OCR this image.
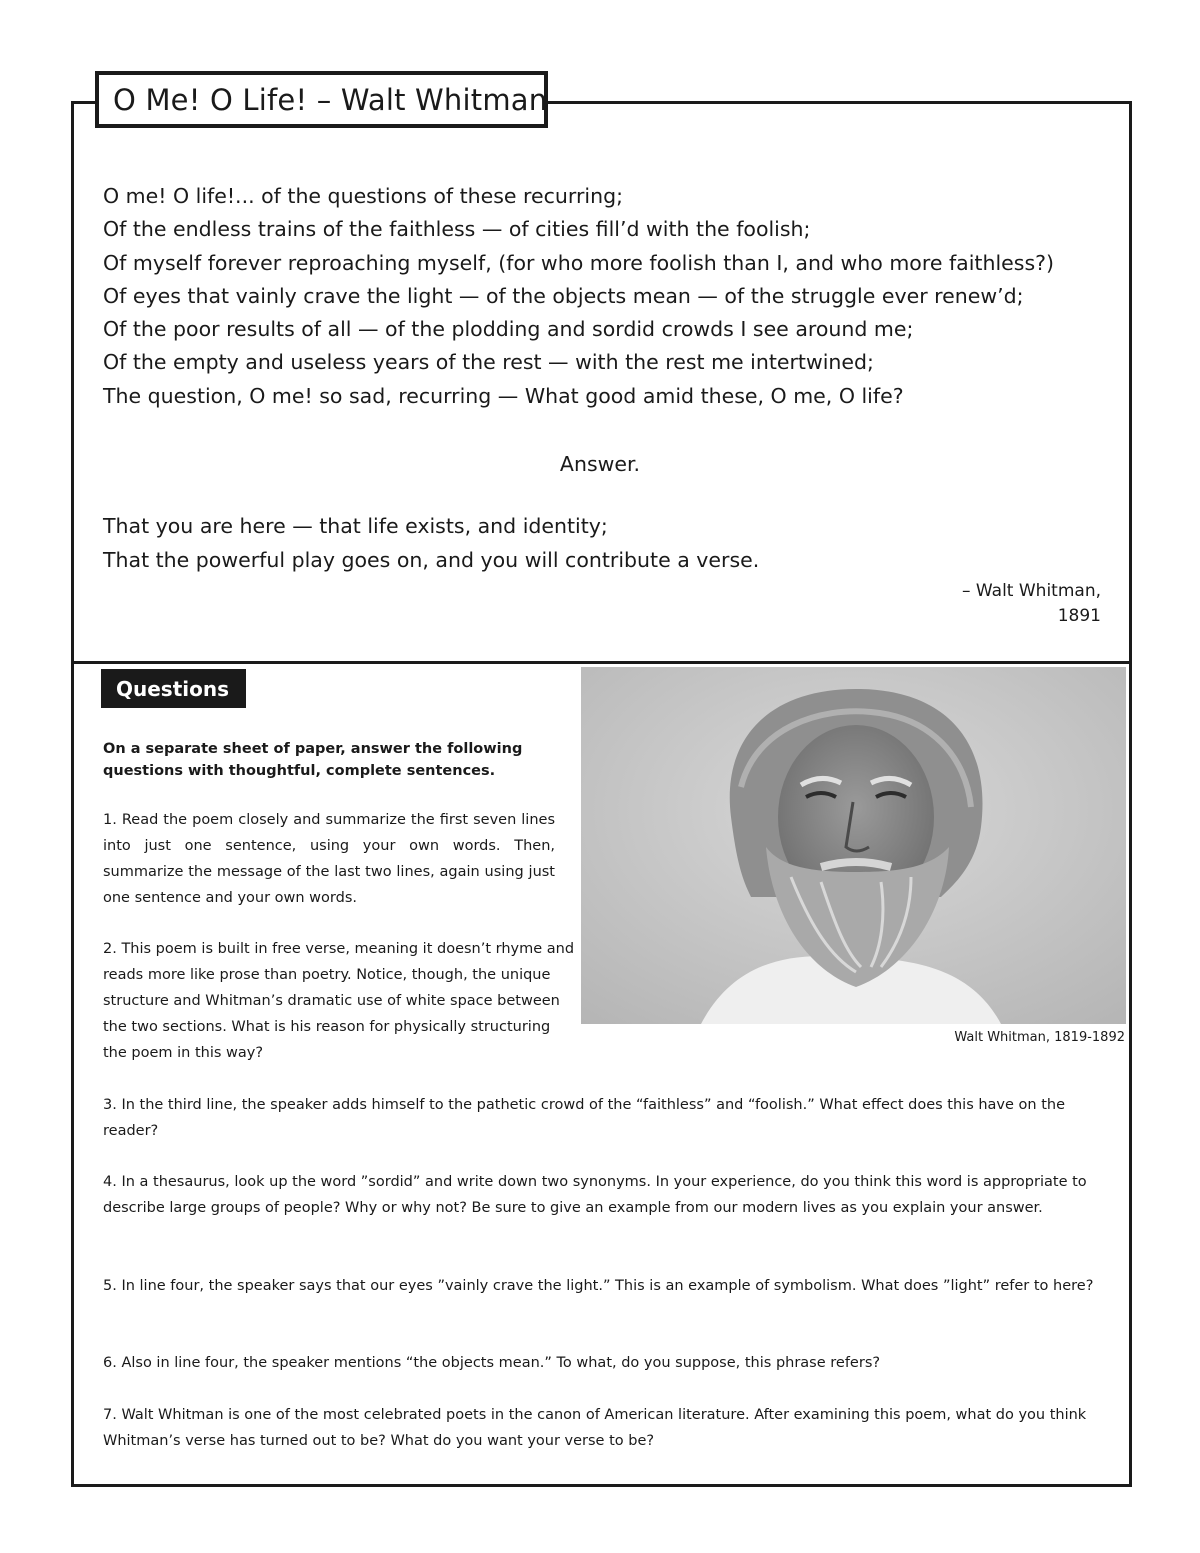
O Me! O Life! – Walt Whitman
O me! O life!... of the questions of these recurring;
Of the endless trains of the faithless — of cities fill’d with the foolish;
Of myself forever reproaching myself, (for who more foolish than I, and who more faithless?)
Of eyes that vainly crave the light — of the objects mean — of the struggle ever renew’d;
Of the poor results of all — of the plodding and sordid crowds I see around me;
Of the empty and useless years of the rest — with the rest me intertwined;
The question, O me! so sad, recurring — What good amid these, O me, O life?
Answer.
That you are here — that life exists, and identity;
That the powerful play goes on, and you will contribute a verse.
– Walt Whitman,
1891
Questions
On a separate sheet of paper, answer the following questions with thoughtful, complete sentences.
1. Read the poem closely and summarize the first seven lines into just one sentence, using your own words. Then, summarize the message of the last two lines, again using just one sentence and your own words.
2. This poem is built in free verse, meaning it doesn’t rhyme and reads more like prose than poetry. Notice, though, the unique structure and Whitman’s dramatic use of white space between the two sections. What is his reason for physically structuring the poem in this way?
Walt Whitman, 1819-1892
3. In the third line, the speaker adds himself to the pathetic crowd of the “faithless” and “foolish.” What effect does this have on the reader?
4. In a thesaurus, look up the word ”sordid” and write down two synonyms. In your experience, do you think this word is appropriate to describe large groups of people? Why or why not? Be sure to give an example from our modern lives as you explain your answer.
5. In line four, the speaker says that our eyes ”vainly crave the light.” This is an example of symbolism. What does ”light” refer to here?
6. Also in line four, the speaker mentions “the objects mean.” To what, do you suppose, this phrase refers?
7. Walt Whitman is one of the most celebrated poets in the canon of American literature. After examining this poem, what do you think Whitman’s verse has turned out to be? What do you want your verse to be?
